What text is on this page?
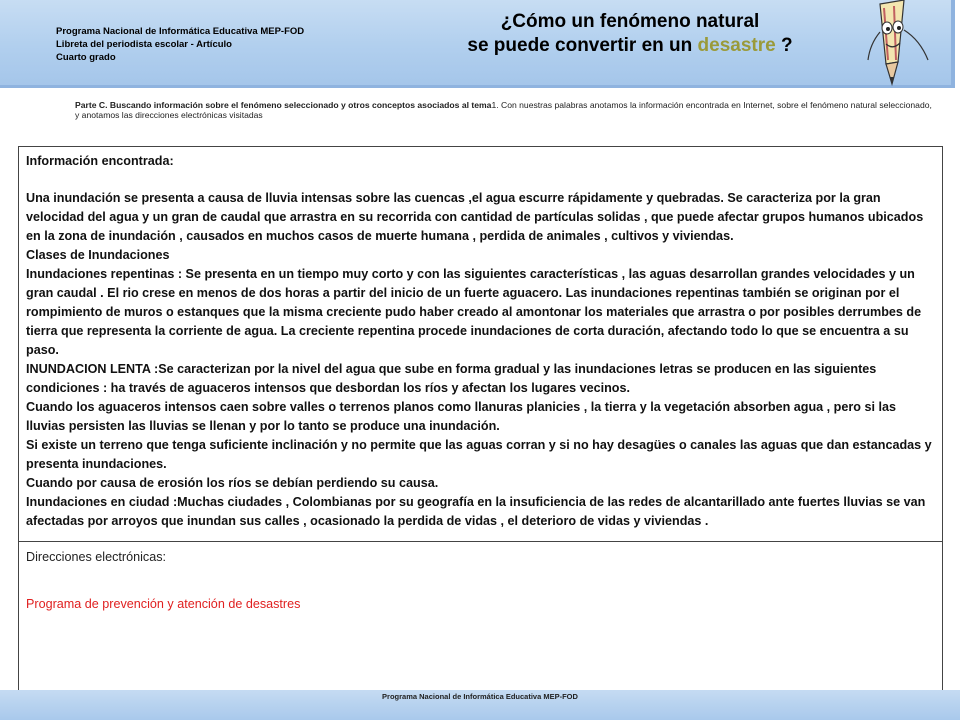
Programa Nacional de Informática Educativa MEP-FOD
Libreta del periodista escolar - Artículo
Cuarto grado
¿Cómo un fenómeno natural
se puede convertir en un desastre ?
Parte C. Buscando información sobre el fenómeno seleccionado y otros conceptos asociados al tema1. Con nuestras palabras anotamos la información encontrada en Internet, sobre el fenómeno natural seleccionado,
y anotamos las direcciones electrónicas visitadas
Información encontrada:

Una inundación se presenta a causa de lluvia intensas sobre las cuencas ,el agua escurre rápidamente y quebradas. Se caracteriza por la gran velocidad del agua y un gran de caudal que arrastra en su recorrida con cantidad de partículas solidas , que puede afectar grupos humanos ubicados en la zona de inundación , causados en muchos casos de muerte humana , perdida de animales , cultivos y viviendas.

Clases de Inundaciones

Inundaciones repentinas : Se presenta en un tiempo muy corto y con las siguientes características , las aguas desarrollan grandes velocidades y un gran caudal . El rio crese en menos de dos horas a partir del inicio de un fuerte aguacero. Las inundaciones repentinas también se originan por el rompimiento de muros o estanques que la misma creciente pudo haber creado al amontonar los materiales que arrastra o por posibles derrumbes de tierra que representa la corriente de agua. La creciente repentina procede inundaciones de corta duración, afectando todo lo que se encuentra a su paso.

INUNDACION LENTA :Se caracterizan por la nivel del agua que sube en forma gradual y las inundaciones letras se producen en las siguientes condiciones : ha través de aguaceros intensos que desbordan los ríos y afectan los lugares vecinos.

Cuando los aguaceros intensos caen sobre valles o terrenos planos como llanuras planicies , la tierra y la vegetación absorben agua , pero si las lluvias persisten las lluvias se llenan y por lo tanto se produce una inundación.

Si existe un terreno que tenga suficiente inclinación y no permite que las aguas corran y si no hay desagües o canales las aguas que dan estancadas y presenta inundaciones.

Cuando por causa de erosión los ríos se debían perdiendo su causa.

Inundaciones en ciudad :Muchas ciudades , Colombianas por su geografía en la insuficiencia de las redes de alcantarillado ante fuertes lluvias se van afectadas por arroyos que inundan sus calles , ocasionado la perdida de vidas , el deterioro de vidas y viviendas .

Direcciones electrónicas:
Programa de prevención y atención de desastres
Programa Nacional de Informática Educativa MEP-FOD
